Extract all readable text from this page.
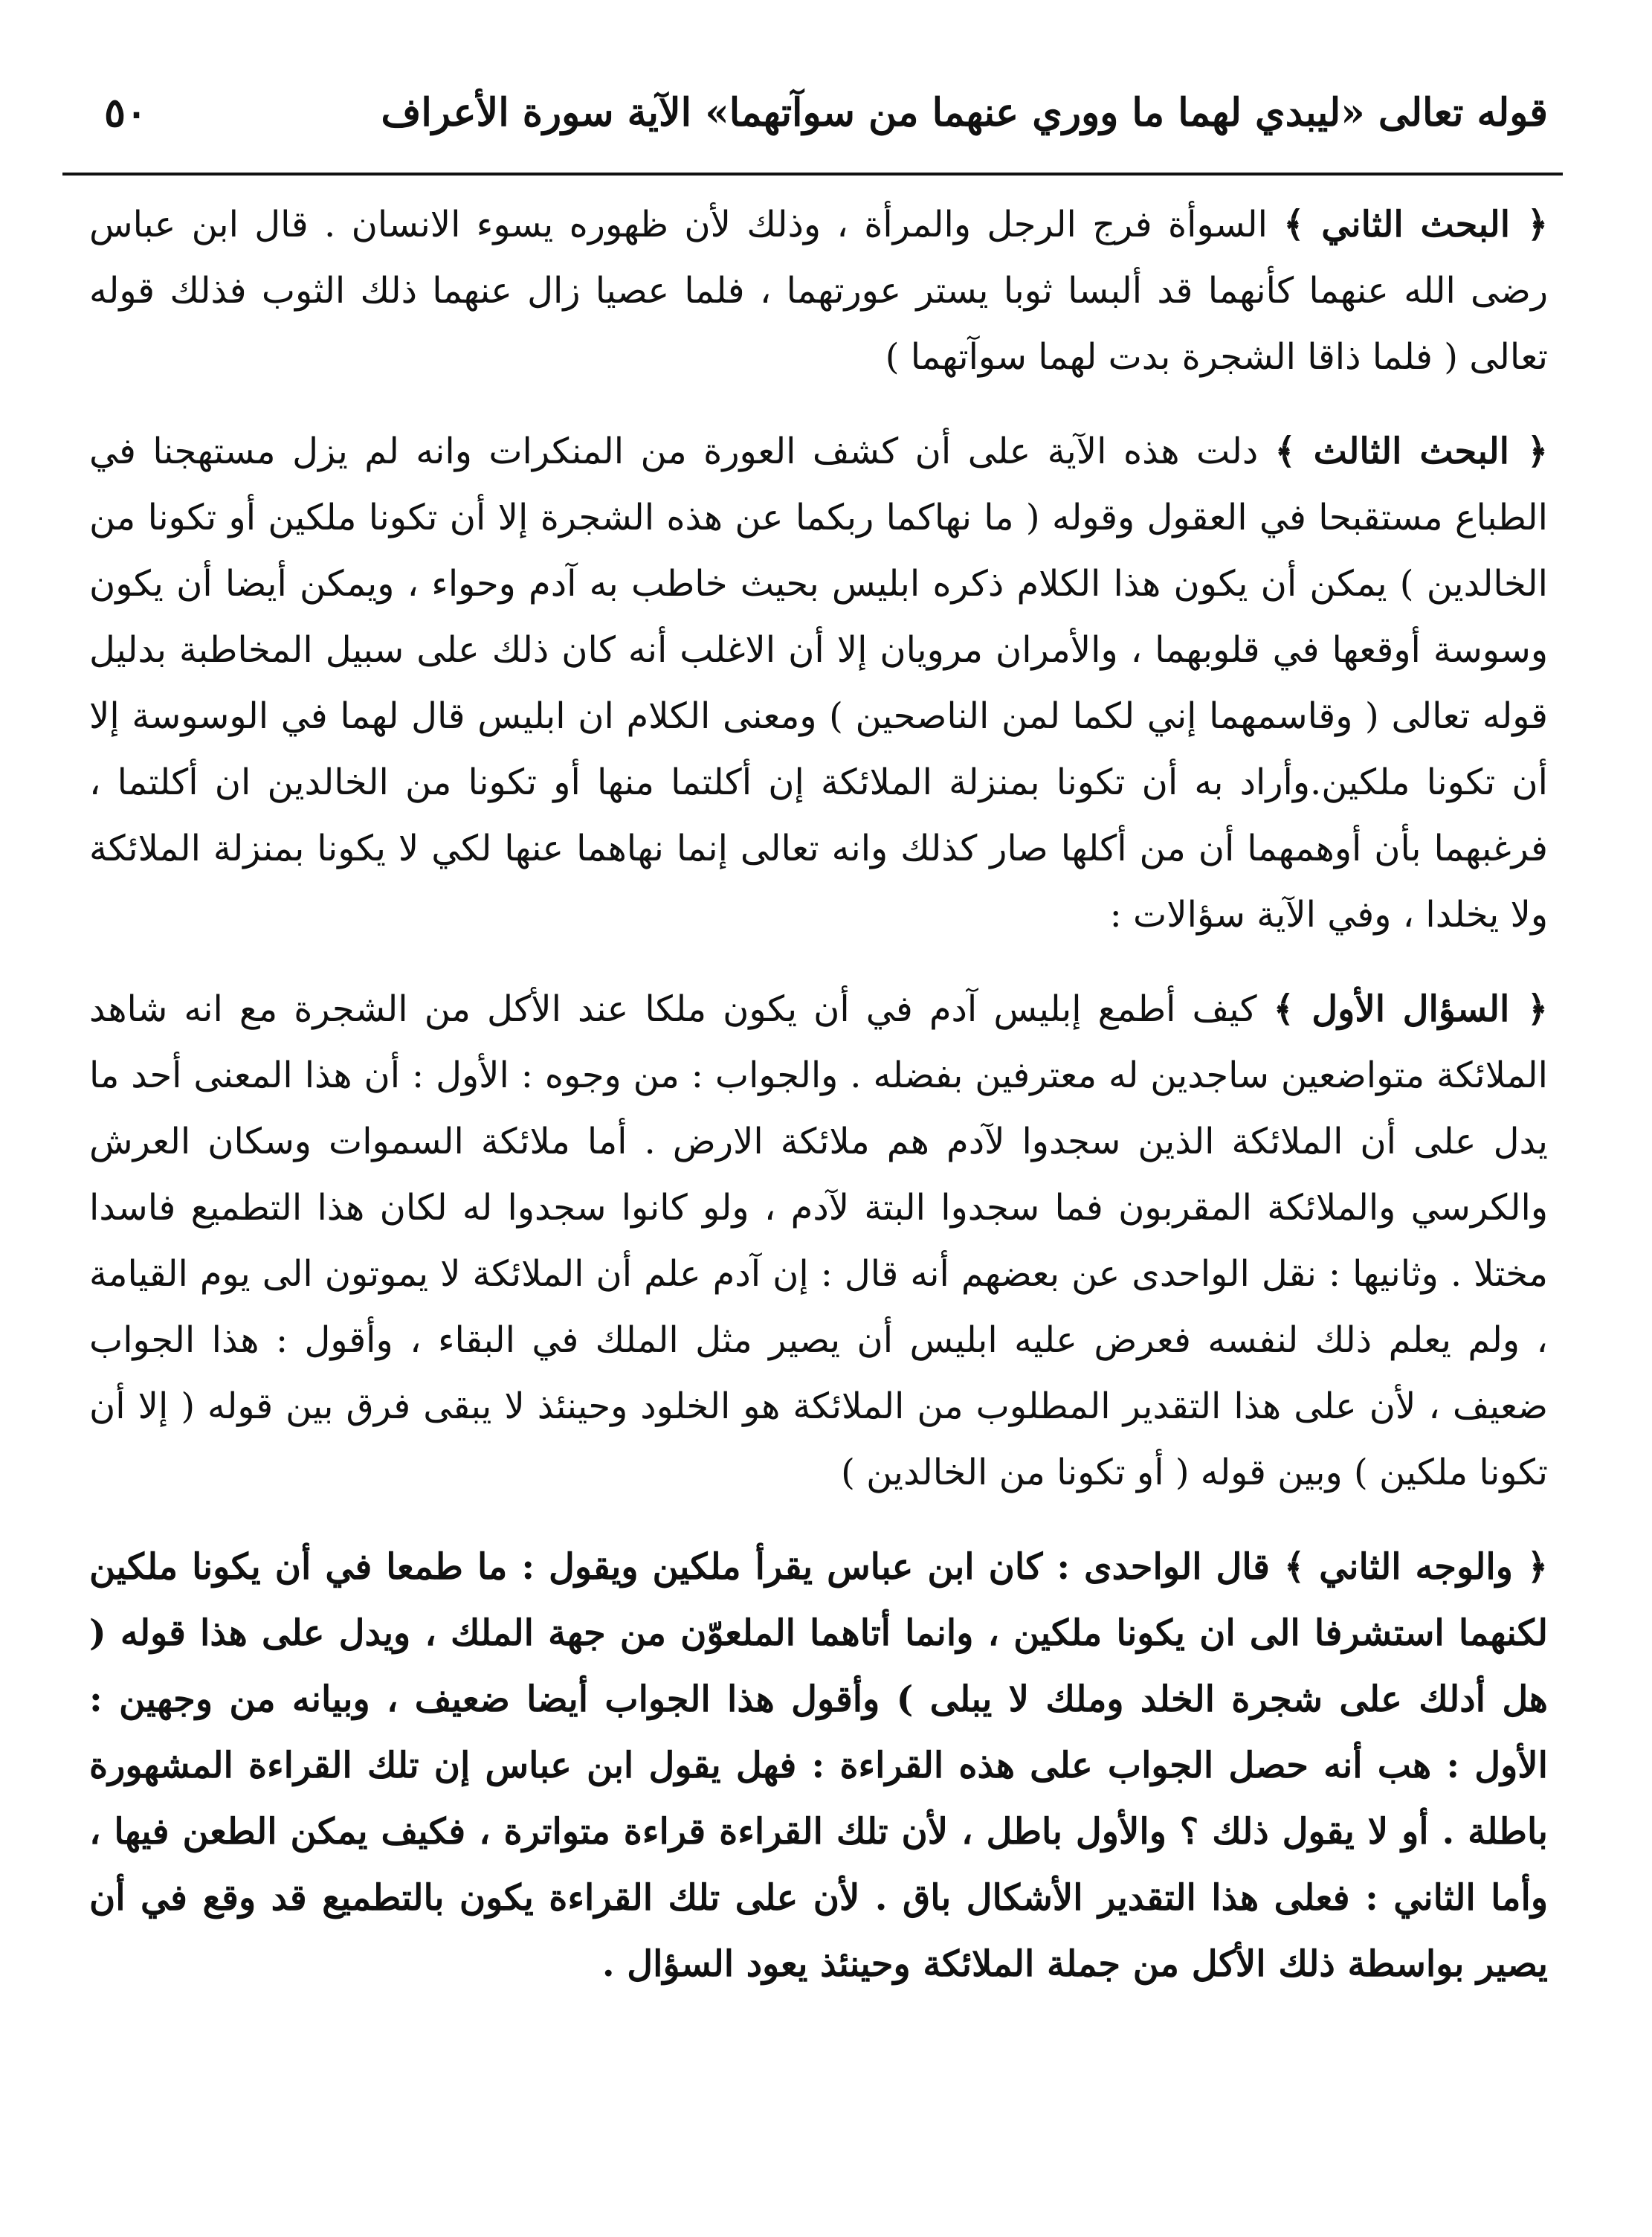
قوله تعالى «ليبدي لهما ما ووري عنهما من سوآتهما» الآية سورة الأعراف
٥٠

﴿ البحث الثاني ﴾ السوأة فرج الرجل والمرأة ، وذلك لأن ظهوره يسوء الانسان . قال ابن عباس رضى الله عنهما كأنهما قد ألبسا ثوبا يستر عورتهما ، فلما عصيا زال عنهما ذلك الثوب فذلك قوله تعالى ( فلما ذاقا الشجرة بدت لهما سوآتهما )

﴿ البحث الثالث ﴾ دلت هذه الآية على أن كشف العورة من المنكرات وانه لم يزل مستهجنا في الطباع مستقبحا في العقول وقوله ( ما نهاكما ربكما عن هذه الشجرة إلا أن تكونا ملكين أو تكونا من الخالدين ) يمكن أن يكون هذا الكلام ذكره ابليس بحيث خاطب به آدم وحواء ، ويمكن أيضا أن يكون وسوسة أوقعها في قلوبهما ، والأمران مرويان إلا أن الاغلب أنه كان ذلك على سبيل المخاطبة بدليل قوله تعالى ( وقاسمهما إني لكما لمن الناصحين ) ومعنى الكلام ان ابليس قال لهما في الوسوسة إلا أن تكونا ملكين.وأراد به أن تكونا بمنزلة الملائكة إن أكلتما منها أو تكونا من الخالدين ان أكلتما ، فرغبهما بأن أوهمهما أن من أكلها صار كذلك وانه تعالى إنما نهاهما عنها لكي لا يكونا بمنزلة الملائكة ولا يخلدا ، وفي الآية سؤالات :

﴿ السؤال الأول ﴾ كيف أطمع إبليس آدم في أن يكون ملكا عند الأكل من الشجرة مع انه شاهد الملائكة متواضعين ساجدين له معترفين بفضله . والجواب : من وجوه : الأول : أن هذا المعنى أحد ما يدل على أن الملائكة الذين سجدوا لآدم هم ملائكة الارض . أما ملائكة السموات وسكان العرش والكرسي والملائكة المقربون فما سجدوا البتة لآدم ، ولو كانوا سجدوا له لكان هذا التطميع فاسدا مختلا . وثانيها : نقل الواحدى عن بعضهم أنه قال : إن آدم علم أن الملائكة لا يموتون الى يوم القيامة ، ولم يعلم ذلك لنفسه فعرض عليه ابليس أن يصير مثل الملك في البقاء ، وأقول : هذا الجواب ضعيف ، لأن على هذا التقدير المطلوب من الملائكة هو الخلود وحينئذ لا يبقى فرق بين قوله ( إلا أن تكونا ملكين ) وبين قوله ( أو تكونا من الخالدين )

﴿ والوجه الثاني ﴾ قال الواحدى : كان ابن عباس يقرأ ملكين ويقول : ما طمعا في أن يكونا ملكين لكنهما استشرفا الى ان يكونا ملكين ، وانما أتاهما الملعوّن من جهة الملك ، ويدل على هذا قوله ( هل أدلك على شجرة الخلد وملك لا يبلى ) وأقول هذا الجواب أيضا ضعيف ، وبيانه من وجهين : الأول : هب أنه حصل الجواب على هذه القراءة : فهل يقول ابن عباس إن تلك القراءة المشهورة باطلة . أو لا يقول ذلك ؟ والأول باطل ، لأن تلك القراءة قراءة متواترة ، فكيف يمكن الطعن فيها ، وأما الثاني : فعلى هذا التقدير الأشكال باق . لأن على تلك القراءة يكون بالتطميع قد وقع في أن يصير بواسطة ذلك الأكل من جملة الملائكة وحينئذ يعود السؤال .
